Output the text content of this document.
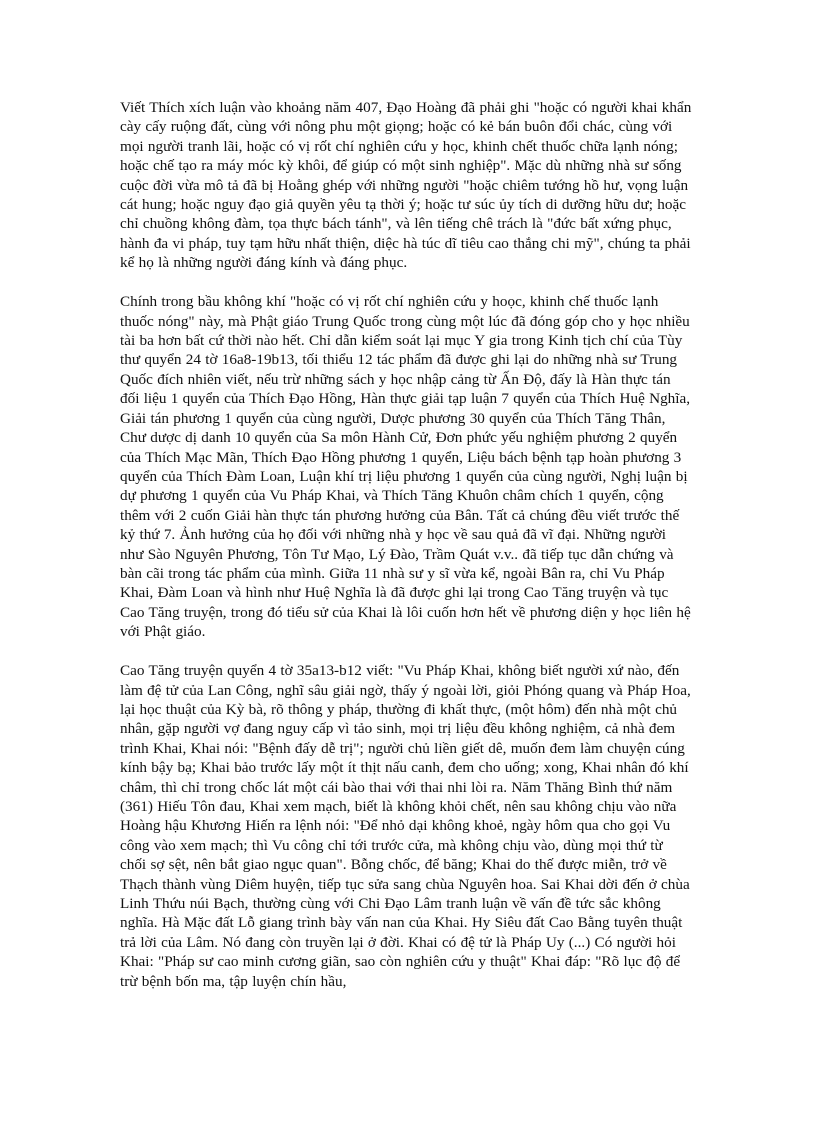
Viết Thích xích luận vào khoảng năm 407, Đạo Hoàng đã phải ghi "hoặc có người khai khẩn cày cấy ruộng đất, cùng với nông phu một giọng; hoặc có kẻ bán buôn đổi chác, cùng với mọi người tranh lãi, hoặc có vị rốt chí nghiên cứu y học, khinh chết thuốc chữa lạnh nóng; hoặc chế tạo ra máy móc kỳ khôi, để giúp có một sinh nghiệp". Mặc dù những nhà sư sống cuộc đời vừa mô tả đã bị Hoằng ghép với những người "hoặc chiêm tướng hồ hư, vọng luận cát hung; hoặc nguy đạo giả quyền yêu tạ thời ý; hoặc tư súc ủy tích di dưỡng hữu dư; hoặc chỉ chuồng không đàm, tọa thực bách tánh", và lên tiếng chê trách là "đức bất xứng phục, hành đa vi pháp, tuy tạm hữu nhất thiện, diệc hà túc dĩ tiêu cao thắng chi mỹ", chúng ta phải kể họ là những người đáng kính và đáng phục.

Chính trong bầu không khí "hoặc có vị rốt chí nghiên cứu y hoọc, khinh chế thuốc lạnh thuốc nóng" này, mà Phật giáo Trung Quốc trong cùng một lúc đã đóng góp cho y học nhiều tài ba hơn bất cứ thời nào hết. Chỉ dẫn kiểm soát lại mục Y gia trong Kinh tịch chí của Tùy thư quyển 24 tờ 16a8-19b13, tối thiểu 12 tác phẩm đã được ghi lại do những nhà sư Trung Quốc đích nhiên viết, nếu trừ những sách y học nhập cảng từ Ấn Độ, đấy là Hàn thực tán đối liệu 1 quyển của Thích Đạo Hồng, Hàn thực giải tạp luận 7 quyển của Thích Huệ Nghĩa, Giải tán phương 1 quyển của cùng người, Dược phương 30 quyển của Thích Tăng Thân, Chư dược dị danh 10 quyển của Sa môn Hành Cử, Đơn phức yếu nghiệm phương 2 quyển của Thích Mạc Mãn, Thích Đạo Hồng phương 1 quyển, Liệu bách bệnh tạp hoàn phương 3 quyển của Thích Đàm Loan, Luận khí trị liệu phương 1 quyển của cùng người, Nghị luận bị dự phương 1 quyển của Vu Pháp Khai, và Thích Tăng Khuôn châm chích 1 quyển, cộng thêm với 2 cuốn Giải hàn thực tán phương hưởng của Bân. Tất cả chúng đều viết trước thế kỷ thứ 7. Ảnh hưởng của họ đối với những nhà y học về sau quả đã vĩ đại. Những người như Sào Nguyên Phương, Tôn Tư Mạo, Lý Đào, Trầm Quát v.v.. đã tiếp tục dẫn chứng và bàn cãi trong tác phẩm của mình. Giữa 11 nhà sư y sĩ vừa kể, ngoài Bân ra, chỉ Vu Pháp Khai, Đàm Loan và hình như Huệ Nghĩa là đã được ghi lại trong Cao Tăng truyện và tục Cao Tăng truyện, trong đó tiểu sử của Khai là lôi cuốn hơn hết về phương diện y học liên hệ với Phật giáo.

Cao Tăng truyện quyển 4 tờ 35a13-b12 viết: "Vu Pháp Khai, không biết người xứ nào, đến làm đệ tử của Lan Công, nghĩ sâu giải ngờ, thấy ý ngoài lời, giỏi Phóng quang và Pháp Hoa, lại học thuật của Kỳ bà, rõ thông y pháp, thường đi khất thực, (một hôm) đến nhà một chủ nhân, gặp người vợ đang nguy cấp vì tảo sinh, mọi trị liệu đều không nghiệm, cả nhà đem trình Khai, Khai nói: "Bệnh đấy dễ trị"; người chủ liền giết dê, muốn đem làm chuyện cúng kính bậy bạ; Khai bảo trước lấy một ít thịt nấu canh, đem cho uống; xong, Khai nhân đó khí châm, thì chỉ trong chốc lát một cái bào thai với thai nhi lòi ra. Năm Thăng Bình thứ năm (361) Hiếu Tôn đau, Khai xem mạch, biết là không khỏi chết, nên sau không chịu vào nữa Hoàng hậu Khương Hiến ra lệnh nói: "Để nhỏ dại không khoẻ, ngày hôm qua cho gọi Vu công vào xem mạch; thì Vu công chỉ tới trước cửa, mà không chịu vào, dùng mọi thứ từ chối sợ sệt, nên bắt giao ngục quan". Bỗng chốc, để băng; Khai do thế được miễn, trở về Thạch thành vùng Diêm huyện, tiếp tục sửa sang chùa Nguyên hoa. Sai Khai dời đến ở chùa Linh Thứu núi Bạch, thường cùng với Chi Đạo Lâm tranh luận về vấn đề tức sắc không nghĩa. Hà Mặc đất Lỗ giang trình bày vấn nan của Khai. Hy Siêu đất Cao Bằng tuyên thuật trả lời của Lâm. Nó đang còn truyền lại ở đời. Khai có đệ tử là Pháp Uy (...) Có người hỏi Khai: "Pháp sư cao minh cương giãn, sao còn nghiên cứu y thuật" Khai đáp: "Rõ lục độ để trừ bệnh bốn ma, tập luyện chín hầu,
